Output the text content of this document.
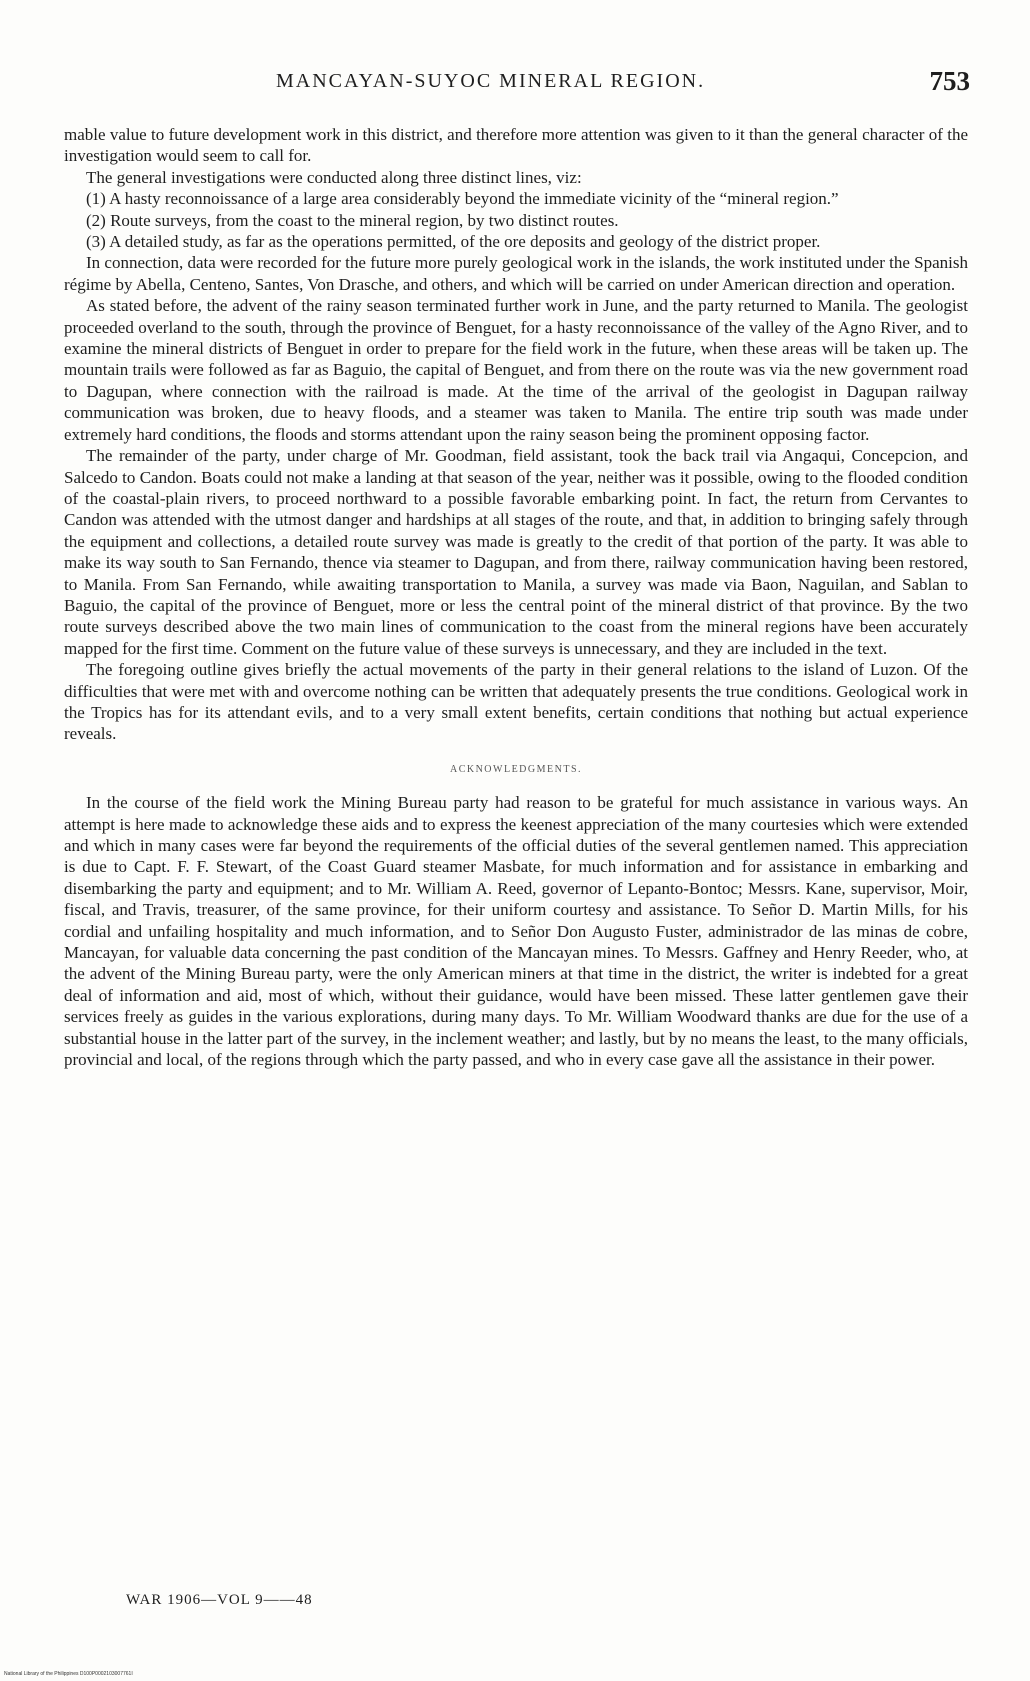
MANCAYAN-SUYOC MINERAL REGION.	753

mable value to future development work in this district, and therefore more attention was given to it than the general character of the investigation would seem to call for.

The general investigations were conducted along three distinct lines, viz:

(1) A hasty reconnoissance of a large area considerably beyond the immediate vicinity of the “mineral region.”

(2) Route surveys, from the coast to the mineral region, by two distinct routes.

(3) A detailed study, as far as the operations permitted, of the ore deposits and geology of the district proper.

In connection, data were recorded for the future more purely geological work in the islands, the work instituted under the Spanish régime by Abella, Centeno, Santes, Von Drasche, and others, and which will be carried on under American direction and operation.

As stated before, the advent of the rainy season terminated further work in June, and the party returned to Manila. The geologist proceeded overland to the south, through the province of Benguet, for a hasty reconnoissance of the valley of the Agno River, and to examine the mineral districts of Benguet in order to prepare for the field work in the future, when these areas will be taken up. The mountain trails were followed as far as Baguio, the capital of Benguet, and from there on the route was via the new government road to Dagupan, where connection with the railroad is made. At the time of the arrival of the geologist in Dagupan railway communication was broken, due to heavy floods, and a steamer was taken to Manila. The entire trip south was made under extremely hard conditions, the floods and storms attendant upon the rainy season being the prominent opposing factor.

The remainder of the party, under charge of Mr. Goodman, field assistant, took the back trail via Angaqui, Concepcion, and Salcedo to Candon. Boats could not make a landing at that season of the year, neither was it possible, owing to the flooded condition of the coastal-plain rivers, to proceed northward to a possible favorable embarking point. In fact, the return from Cervantes to Candon was attended with the utmost danger and hardships at all stages of the route, and that, in addition to bringing safely through the equipment and collections, a detailed route survey was made is greatly to the credit of that portion of the party. It was able to make its way south to San Fernando, thence via steamer to Dagupan, and from there, railway communication having been restored, to Manila. From San Fernando, while awaiting transportation to Manila, a survey was made via Baon, Naguilan, and Sablan to Baguio, the capital of the province of Benguet, more or less the central point of the mineral district of that province. By the two route surveys described above the two main lines of communication to the coast from the mineral regions have been accurately mapped for the first time. Comment on the future value of these surveys is unnecessary, and they are included in the text.

The foregoing outline gives briefly the actual movements of the party in their general relations to the island of Luzon. Of the difficulties that were met with and overcome nothing can be written that adequately presents the true conditions. Geological work in the Tropics has for its attendant evils, and to a very small extent benefits, certain conditions that nothing but actual experience reveals.

ACKNOWLEDGMENTS.

In the course of the field work the Mining Bureau party had reason to be grateful for much assistance in various ways. An attempt is here made to acknowledge these aids and to express the keenest appreciation of the many courtesies which were extended and which in many cases were far beyond the requirements of the official duties of the several gentlemen named. This appreciation is due to Capt. F. F. Stewart, of the Coast Guard steamer Masbate, for much information and for assistance in embarking and disembarking the party and equipment; and to Mr. William A. Reed, governor of Lepanto-Bontoc; Messrs. Kane, supervisor, Moir, fiscal, and Travis, treasurer, of the same province, for their uniform courtesy and assistance. To Señor D. Martin Mills, for his cordial and unfailing hospitality and much information, and to Señor Don Augusto Fuster, administrador de las minas de cobre, Mancayan, for valuable data concerning the past condition of the Mancayan mines. To Messrs. Gaffney and Henry Reeder, who, at the advent of the Mining Bureau party, were the only American miners at that time in the district, the writer is indebted for a great deal of information and aid, most of which, without their guidance, would have been missed. These latter gentlemen gave their services freely as guides in the various explorations, during many days. To Mr. William Woodward thanks are due for the use of a substantial house in the latter part of the survey, in the inclement weather; and lastly, but by no means the least, to the many officials, provincial and local, of the regions through which the party passed, and who in every case gave all the assistance in their power.

WAR 1906—VOL 9——48
National Library of the Philippines D100P0002103007761I
